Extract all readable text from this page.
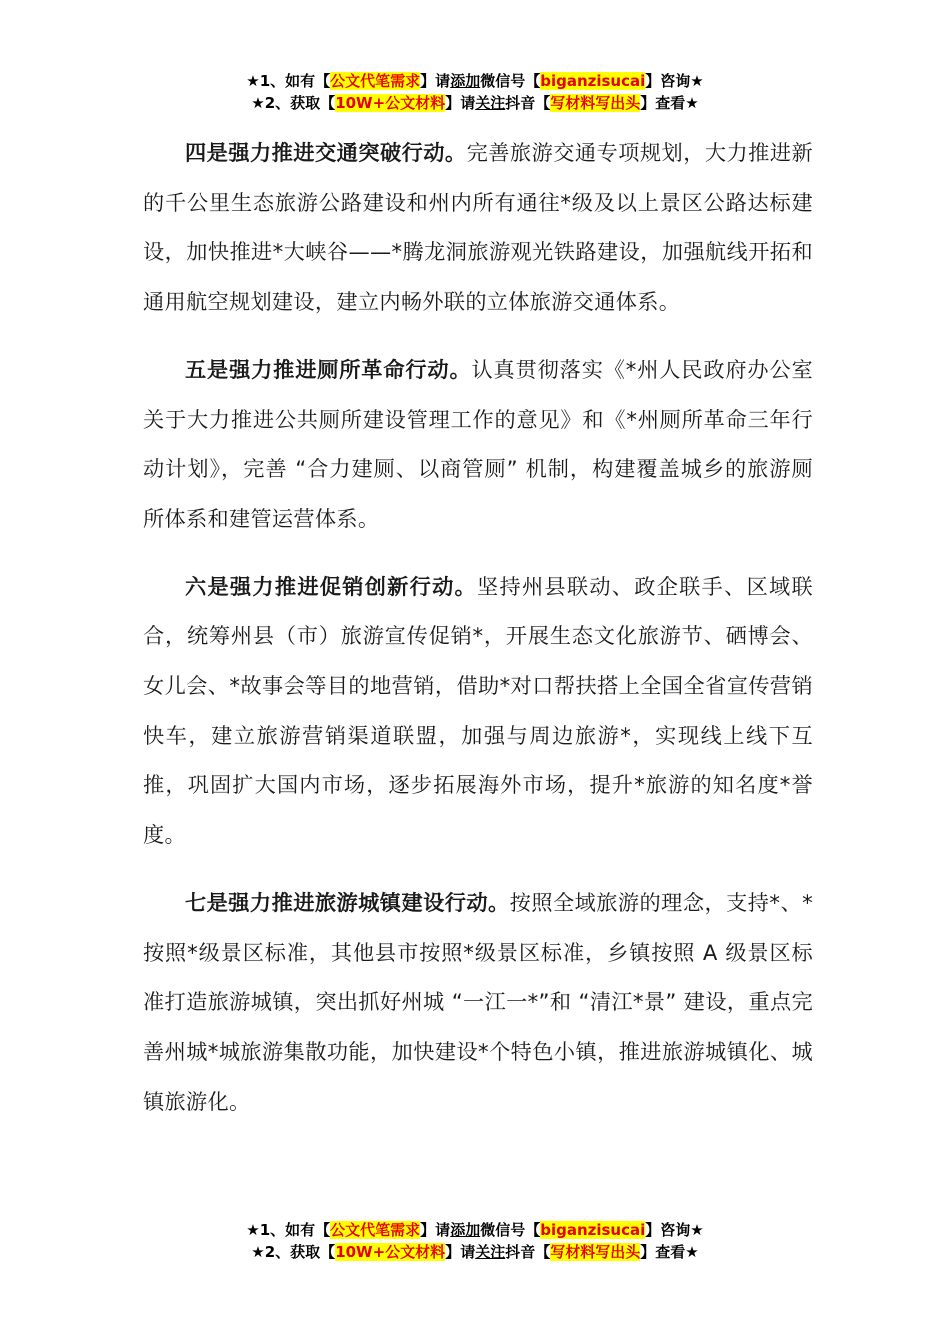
★1、如有【公文代笔需求】请添加微信号【biganzisucai】咨询★
★2、获取【10W+公文材料】请关注抖音【写材料写出头】查看★

四是强力推进交通突破行动。完善旅游交通专项规划，大力推进新的千公里生态旅游公路建设和州内所有通往*级及以上景区公路达标建设，加快推进*大峡谷——*腾龙洞旅游观光铁路建设，加强航线开拓和通用航空规划建设，建立内畅外联的立体旅游交通体系。

五是强力推进厕所革命行动。认真贯彻落实《*州人民政府办公室关于大力推进公共厕所建设管理工作的意见》和《*州厕所革命三年行动计划》，完善 “合力建厕、以商管厕” 机制，构建覆盖城乡的旅游厕所体系和建管运营体系。

六是强力推进促销创新行动。坚持州县联动、政企联手、区域联合，统筹州县（市）旅游宣传促销*，开展生态文化旅游节、硒博会、女儿会、*故事会等目的地营销，借助*对口帮扶搭上全国全省宣传营销快车，建立旅游营销渠道联盟，加强与周边旅游*，实现线上线下互推，巩固扩大国内市场，逐步拓展海外市场，提升*旅游的知名度*誉度。

七是强力推进旅游城镇建设行动。按照全域旅游的理念，支持*、*按照*级景区标准，其他县市按照*级景区标准，乡镇按照 A 级景区标准打造旅游城镇，突出抓好州城 “一江一*”和 “清江*景” 建设，重点完善州城*城旅游集散功能，加快建设*个特色小镇，推进旅游城镇化、城镇旅游化。

★1、如有【公文代笔需求】请添加微信号【biganzisucai】咨询★
★2、获取【10W+公文材料】请关注抖音【写材料写出头】查看★
